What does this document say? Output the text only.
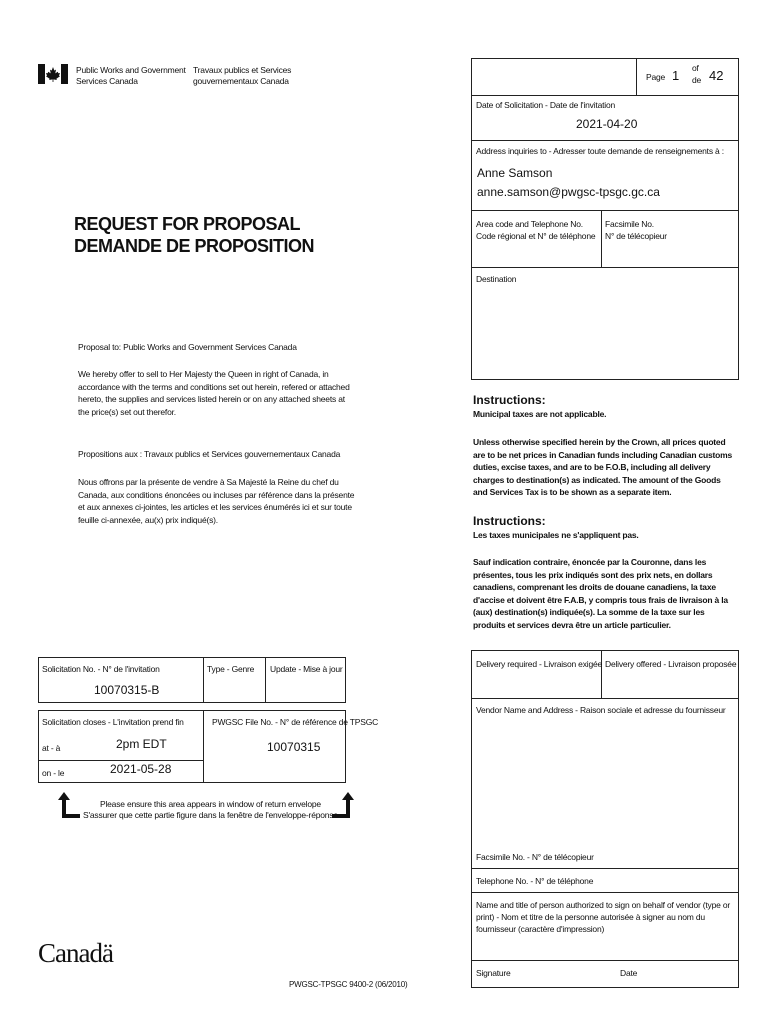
Public Works and Government
Services Canada
Travaux publics et Services
gouvernementaux Canada	Page 1 of
de 42
Date of Solicitation - Date de l'invitation
2021-04-20
Address inquiries to - Adresser toute demande de renseignements à :
Anne Samson
anne.samson@pwgsc-tpsgc.gc.ca
Area code and Telephone No.
Code régional et N° de téléphone
Facsimile No.
N° de télécopieur
Destination
REQUEST FOR PROPOSAL
DEMANDE DE PROPOSITION
Proposal to: Public Works and Government Services Canada
We hereby offer to sell to Her Majesty the Queen in right of Canada, in
accordance with the terms and conditions set out herein, refered or attached
hereto, the supplies and services listed herein or on any attached sheets at
the price(s) set out therefor.
Propositions aux : Travaux publics et Services gouvernementaux Canada
Nous offrons par la présente de vendre à Sa Majesté la Reine du chef du
Canada, aux conditions énoncées ou incluses par référence dans la présente
et aux annexes ci-jointes, les articles et les services énumérés ici et sur toute
feuille ci-annexée, au(x) prix indiqué(s).
Instructions:
Municipal taxes are not applicable.
Unless otherwise specified herein by the Crown, all prices quoted
are to be net prices in Canadian funds including Canadian customs
duties, excise taxes, and are to be F.O.B, including all delivery
charges to destination(s) as indicated. The amount of the Goods
and Services Tax is to be shown as a separate item.
Instructions:
Les taxes municipales ne s'appliquent pas.
Sauf indication contraire, énoncée par la Couronne, dans les
présentes, tous les prix indiqués sont des prix nets, en dollars
canadiens, comprenant les droits de douane canadiens, la taxe
d'accise et doivent être F.A.B, y compris tous frais de livraison à la
(aux) destination(s) indiquée(s). La somme de la taxe sur les
produits et services devra être un article particulier.
Solicitation No. - N° de l'invitation
10070315-B
Type - Genre Update - Mise à jour
Solicitation closes - L'invitation prend fin
at - à	2pm EDT
on - le	2021-05-28
PWGSC File No. - N° de référence de TPSGC
10070315
Please ensure this area appears in window of return envelope
S'assurer que cette partie figure dans la fenêtre de l'enveloppe-réponse
Delivery required - Livraison exigée Delivery offered - Livraison proposée
Vendor Name and Address - Raison sociale et adresse du fournisseur
Facsimile No. - N° de télécopieur
Telephone No. - N° de téléphone
Name and title of person authorized to sign on behalf of vendor (type or
print) - Nom et titre de la personne autorisée à signer au nom du
fournisseur (caractère d'impression)
Signature	Date
Canadä
PWGSC-TPSGC 9400-2 (06/2010)
